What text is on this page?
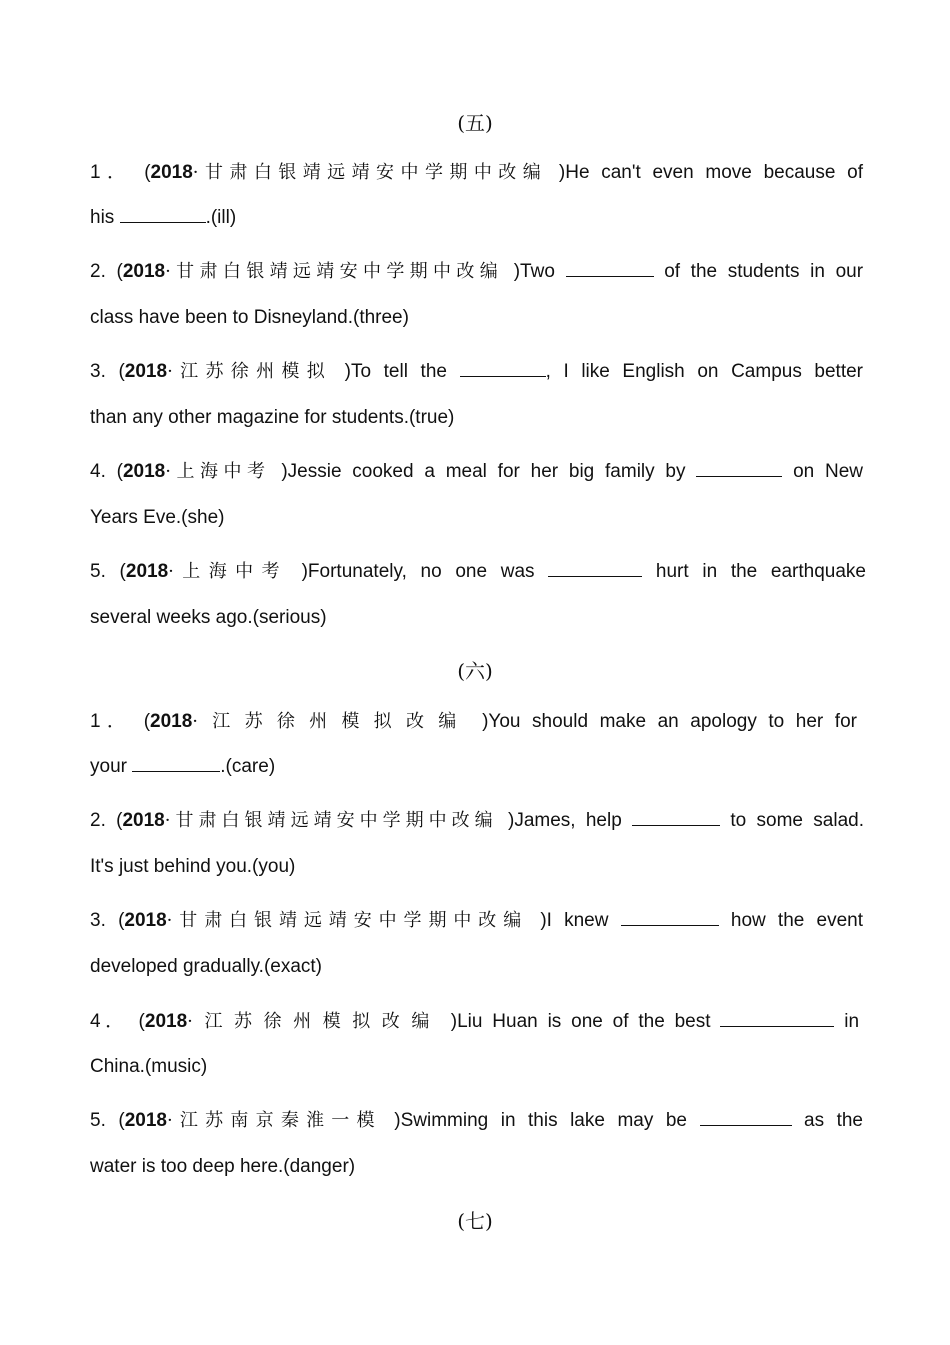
(五)
1． (2018·甘肃白银靖远靖安中学期中改编 )He can't even move because of
his	.(ill)
2. (2018·甘肃白银靖远靖安中学期中改编 )Two	of the students in our
class have been to Disneyland.(three)
3. (2018·江苏徐州模拟 )To tell the	, I like English on Campus better
than any other magazine for students.(true)
4. (2018·上海中考 )Jessie cooked a meal for her big family by	on New
Years Eve.(she)
5. (2018·上海中考 )Fortunately, no one was	hurt in the earthquake
several weeks ago.(serious)
(六)
1． (2018·江苏徐州模拟改编 )You should make an apology to her for
your	.(care)
2. (2018·甘肃白银靖远靖安中学期中改编 )James, help	to some salad.
It's just behind you.(you)
3. (2018·甘肃白银靖远靖安中学期中改编 )I knew	how the event
developed gradually.(exact)
4． (2018·江苏徐州模拟改编 )Liu Huan is one of the best	in
China.(music)
5. (2018·江苏南京秦淮一模 )Swimming in this lake may be	as the
water is too deep here.(danger)
(七)
